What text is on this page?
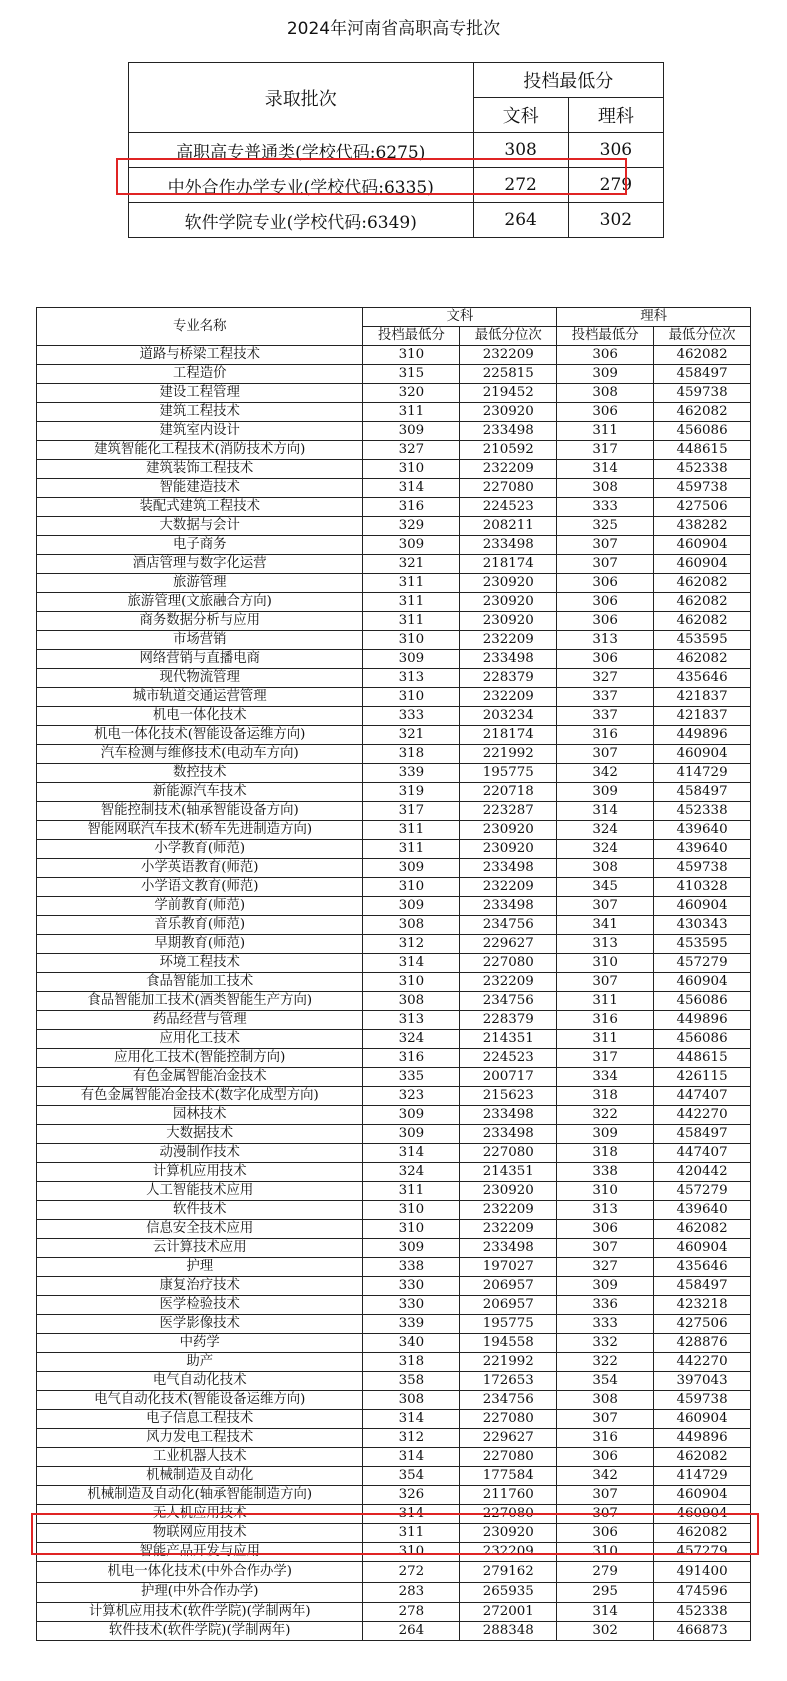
2024年河南省高职高专批次
录取批次	投档最低分	
	文科	理科
高职高专普通类(学校代码:6275)	308	306
中外合作办学专业(学校代码:6335)	272	279
软件学院专业(学校代码:6349)	264	302
专业名称	文科		理科	
	投档最低分	最低分位次	投档最低分	最低分位次
道路与桥梁工程技术	310	232209	306	462082
工程造价	315	225815	309	458497
建设工程管理	320	219452	308	459738
建筑工程技术	311	230920	306	462082
建筑室内设计	309	233498	311	456086
建筑智能化工程技术(消防技术方向)	327	210592	317	448615
建筑装饰工程技术	310	232209	314	452338
智能建造技术	314	227080	308	459738
装配式建筑工程技术	316	224523	333	427506
大数据与会计	329	208211	325	438282
电子商务	309	233498	307	460904
酒店管理与数字化运营	321	218174	307	460904
旅游管理	311	230920	306	462082
旅游管理(文旅融合方向)	311	230920	306	462082
商务数据分析与应用	311	230920	306	462082
市场营销	310	232209	313	453595
网络营销与直播电商	309	233498	306	462082
现代物流管理	313	228379	327	435646
城市轨道交通运营管理	310	232209	337	421837
机电一体化技术	333	203234	337	421837
机电一体化技术(智能设备运维方向)	321	218174	316	449896
汽车检测与维修技术(电动车方向)	318	221992	307	460904
数控技术	339	195775	342	414729
新能源汽车技术	319	220718	309	458497
智能控制技术(轴承智能设备方向)	317	223287	314	452338
智能网联汽车技术(轿车先进制造方向)	311	230920	324	439640
小学教育(师范)	311	230920	324	439640
小学英语教育(师范)	309	233498	308	459738
小学语文教育(师范)	310	232209	345	410328
学前教育(师范)	309	233498	307	460904
音乐教育(师范)	308	234756	341	430343
早期教育(师范)	312	229627	313	453595
环境工程技术	314	227080	310	457279
食品智能加工技术	310	232209	307	460904
食品智能加工技术(酒类智能生产方向)	308	234756	311	456086
药品经营与管理	313	228379	316	449896
应用化工技术	324	214351	311	456086
应用化工技术(智能控制方向)	316	224523	317	448615
有色金属智能冶金技术	335	200717	334	426115
有色金属智能冶金技术(数字化成型方向)	323	215623	318	447407
园林技术	309	233498	322	442270
大数据技术	309	233498	309	458497
动漫制作技术	314	227080	318	447407
计算机应用技术	324	214351	338	420442
人工智能技术应用	311	230920	310	457279
软件技术	310	232209	313	439640
信息安全技术应用	310	232209	306	462082
云计算技术应用	309	233498	307	460904
护理	338	197027	327	435646
康复治疗技术	330	206957	309	458497
医学检验技术	330	206957	336	423218
医学影像技术	339	195775	333	427506
中药学	340	194558	332	428876
助产	318	221992	322	442270
电气自动化技术	358	172653	354	397043
电气自动化技术(智能设备运维方向)	308	234756	308	459738
电子信息工程技术	314	227080	307	460904
风力发电工程技术	312	229627	316	449896
工业机器人技术	314	227080	306	462082
机械制造及自动化	354	177584	342	414729
机械制造及自动化(轴承智能制造方向)	326	211760	307	460904
无人机应用技术	314	227080	307	460904
物联网应用技术	311	230920	306	462082
智能产品开发与应用	310	232209	310	457279
机电一体化技术(中外合作办学)	272	279162	279	491400
护理(中外合作办学)	283	265935	295	474596
计算机应用技术(软件学院)(学制两年)	278	272001	314	452338
软件技术(软件学院)(学制两年)	264	288348	302	466873
